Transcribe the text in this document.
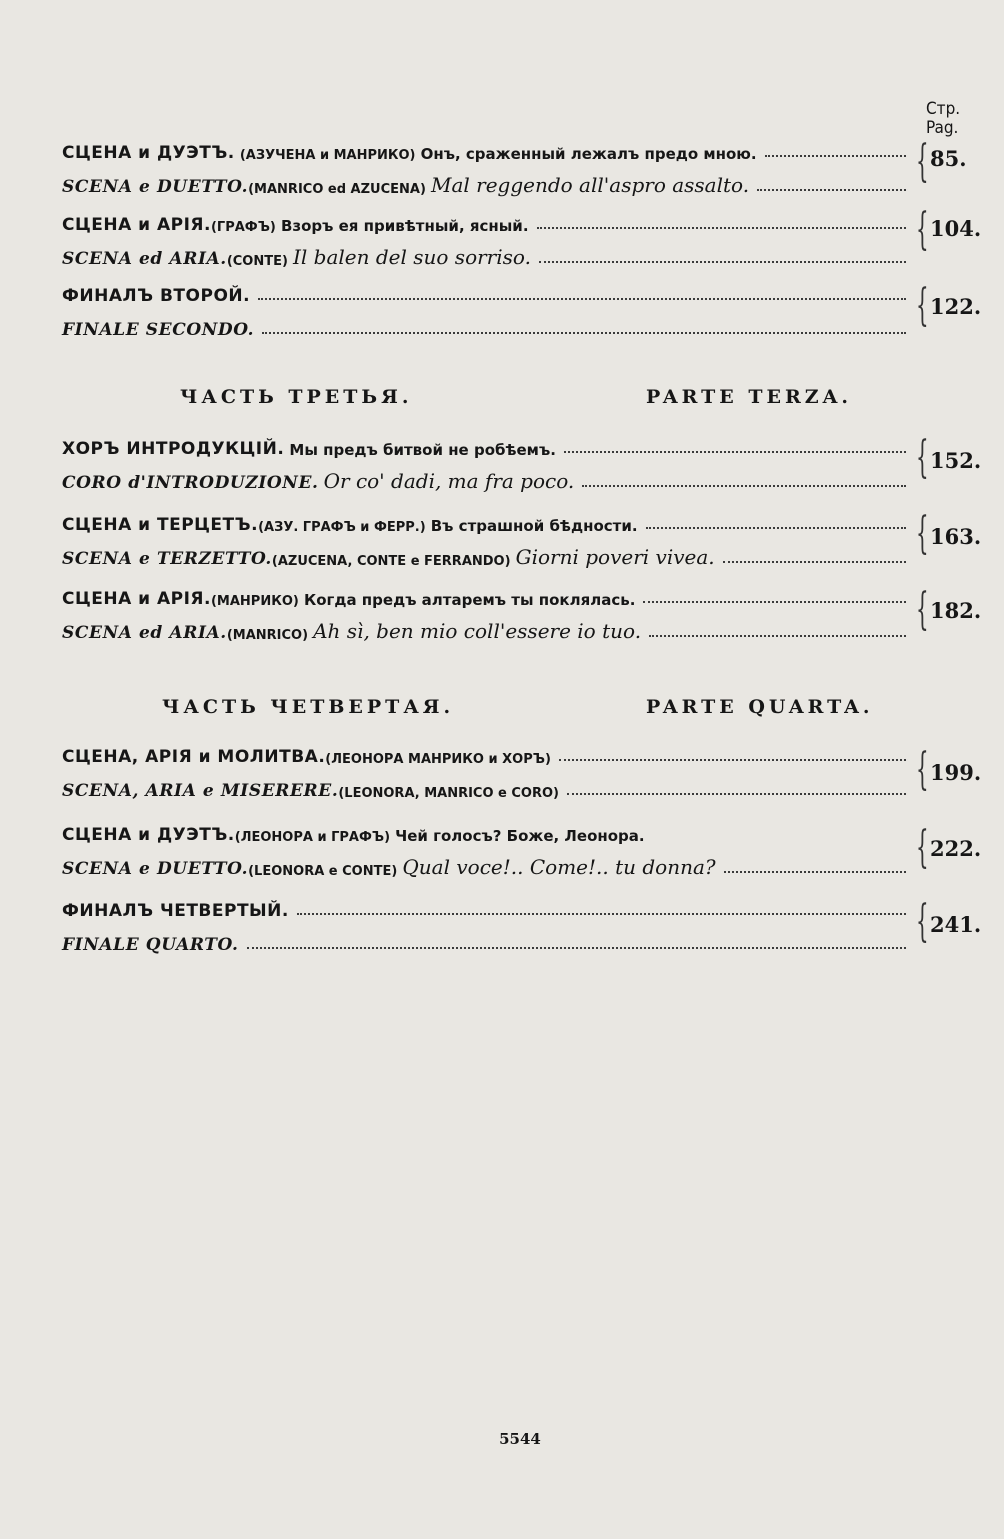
Стр.
Pag.
СЦЕНА и ДУЭТЪ.
(АЗУЧЕНА и МАНРИКО)
Онъ, сраженный лежалъ предо мною.
SCENA e DUETTO. (MANRICO ed AZUCENA)
Mal reggendo all'aspro assalto.	{ 85.
СЦЕНА и АРІЯ. (ГРАФЪ)
Взоръ ея привѣтный, ясный.
SCENA ed ARIA. (CONTE)
Il balen del suo sorriso.
{ 104.
ФИНАЛЪ ВТОРОЙ.
FINALE SECONDO.	{ 122.
ЧАСТЬ ТРЕТЬЯ.	PARTE TERZA.
ХОРЪ ИНТРОДУКЦІЙ.
Мы предъ битвой не робѣемъ.
CORO d'INTRODUZIONE.
Or co' dadi, ma fra poco.	{ 152.
СЦЕНА и ТЕРЦЕТЪ. (АЗУ. ГРАФЪ и ФЕРР.)
Въ страшной бѣдности.
SCENA e TERZETTO. (AZUCENA, CONTE e FERRANDO)
Giorni poveri vivea.	{ 163.
СЦЕНА и АРІЯ. (МАНРИКО)
Когда предъ алтаремъ ты поклялась.
SCENA ed ARIA. (MANRICO)
Ah sì, ben mio coll'essere io tuo.	{ 182.
ЧАСТЬ ЧЕТВЕРТАЯ.	PARTE QUARTA.
СЦЕНА, АРІЯ и МОЛИТВА. (ЛЕОНОРА МАНРИКО и ХОРЪ)
SCENA, ARIA e MISERERE. (LEONORA, MANRICO e CORO)	{ 199.
СЦЕНА и ДУЭТЪ. (ЛЕОНОРА и ГРАФЪ)
Чей голосъ? Боже, Леонора.
SCENA e DUETTO. (LEONORA e CONTE)
Qual voce!.. Come!.. tu donna?	{ 222.
ФИНАЛЪ ЧЕТВЕРТЫЙ.
FINALE QUARTO.	{ 241.
5544
